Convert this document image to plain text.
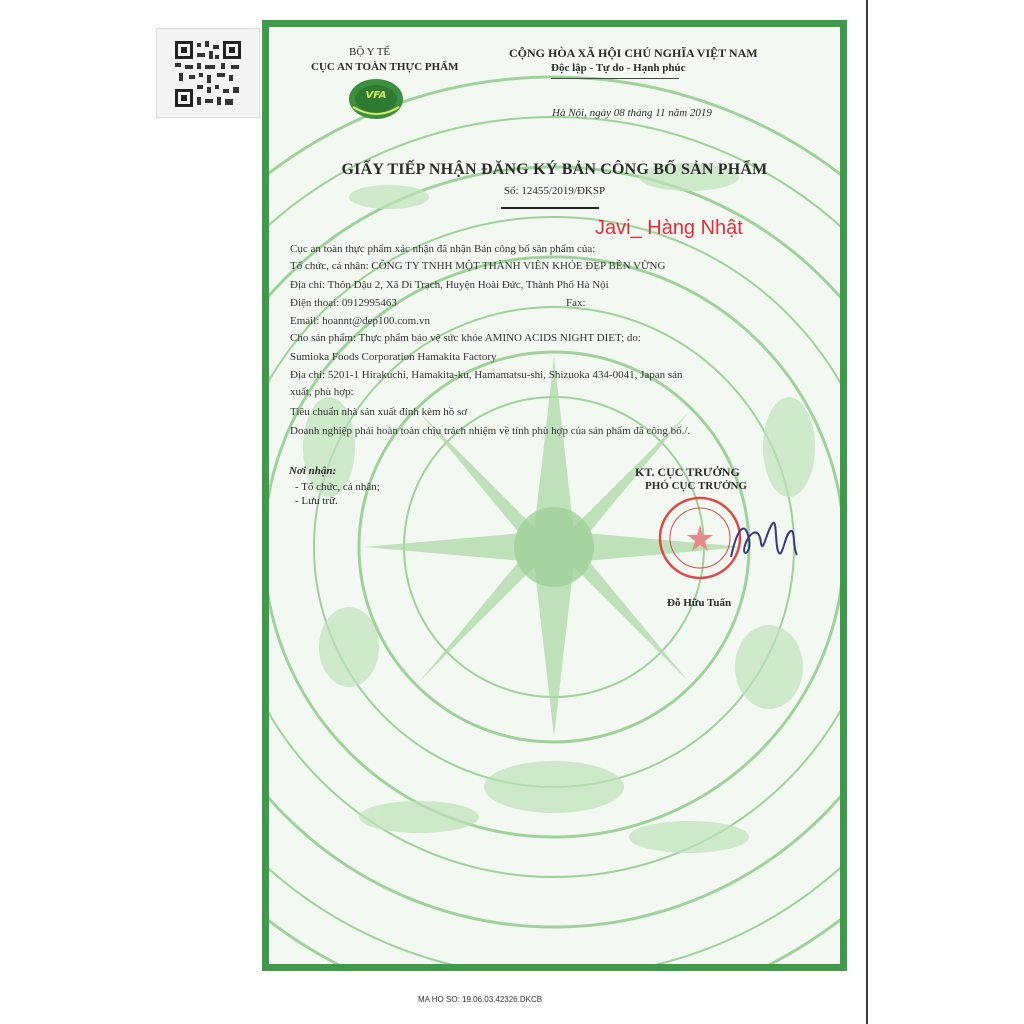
BỘ Y TẾ

CỤC AN TOÀN THỰC PHẨM

VFA

CỘNG HÒA XÃ HỘI CHỦ NGHĨA VIỆT NAM

Độc lập - Tự do - Hạnh phúc

Hà Nội, ngày 08 tháng 11 năm 2019

GIẤY TIẾP NHẬN ĐĂNG KÝ BẢN CÔNG BỐ SẢN PHẨM

Số: 12455/2019/ĐKSP

Javi_ Hàng Nhật

Cục an toàn thực phẩm xác nhận đã nhận Bản công bố sản phẩm của:

Tổ chức, cá nhân: CÔNG TY TNHH MỘT THÀNH VIÊN KHỎE ĐẸP BỀN VỮNG

Địa chỉ: Thôn Dậu 2, Xã Di Trạch, Huyện Hoài Đức, Thành Phố Hà Nội

Điện thoại: 0912995463	Fax:

Email: hoannt@dep100.com.vn

Cho sản phẩm: Thực phẩm bảo vệ sức khỏe AMINO ACIDS NIGHT DIET; do:

Sumioka Foods Corporation Hamakita Factory

Địa chỉ: 5201-1 Hirakuchi, Hamakita-ku, Hamamatsu-shi, Shizuoka 434-0041, Japan sản

xuất, phù hợp:

Tiêu chuẩn nhà sản xuất đính kèm hồ sơ

Doanh nghiệp phải hoàn toàn chịu trách nhiệm về tính phù hợp của sản phẩm đã công bố./.

Nơi nhận:

- Tổ chức, cá nhân;

- Lưu trữ.

KT. CỤC TRƯỞNG

PHÓ CỤC TRƯỞNG

Đỗ Hữu Tuấn

MA HO SO: 19.06.03.42326.DKCB
